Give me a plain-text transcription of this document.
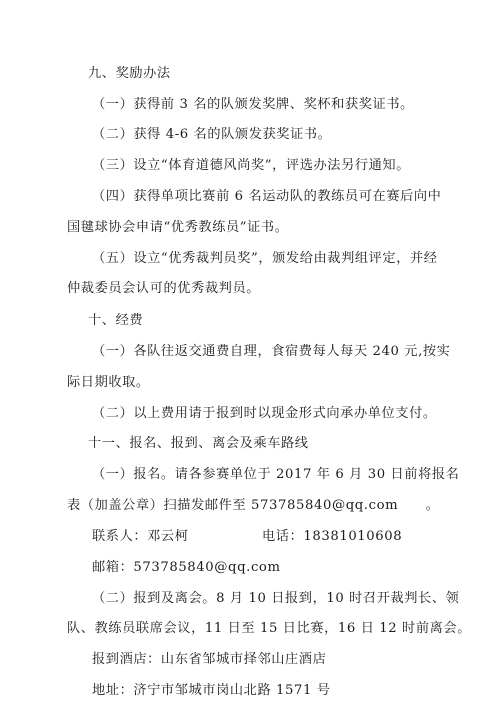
九、奖励办法
（一）获得前 3 名的队颁发奖牌、奖杯和获奖证书。
（二）获得 4-6 名的队颁发获奖证书。
（三）设立“体育道德风尚奖”，评选办法另行通知。
（四）获得单项比赛前 6 名运动队的教练员可在赛后向中
国毽球协会申请“优秀教练员”证书。
（五）设立“优秀裁判员奖”，颁发给由裁判组评定，并经
仲裁委员会认可的优秀裁判员。
十、经费
（一）各队往返交通费自理，食宿费每人每天 240 元,按实
际日期收取。
（二）以上费用请于报到时以现金形式向承办单位支付。
十一、报名、报到、离会及乘车路线
（一）报名。请各参赛单位于 2017 年 6 月 30 日前将报名
表（加盖公章）扫描发邮件至 573785840@qq.com　　。
联系人：邓云柯	电话：18381010608
邮箱：573785840@qq.com
（二）报到及离会。8 月 10 日报到，10 时召开裁判长、领
队、教练员联席会议，11 日至 15 日比赛，16 日 12 时前离会。
报到酒店：山东省邹城市择邻山庄酒店
地址：济宁市邹城市岗山北路 1571 号
